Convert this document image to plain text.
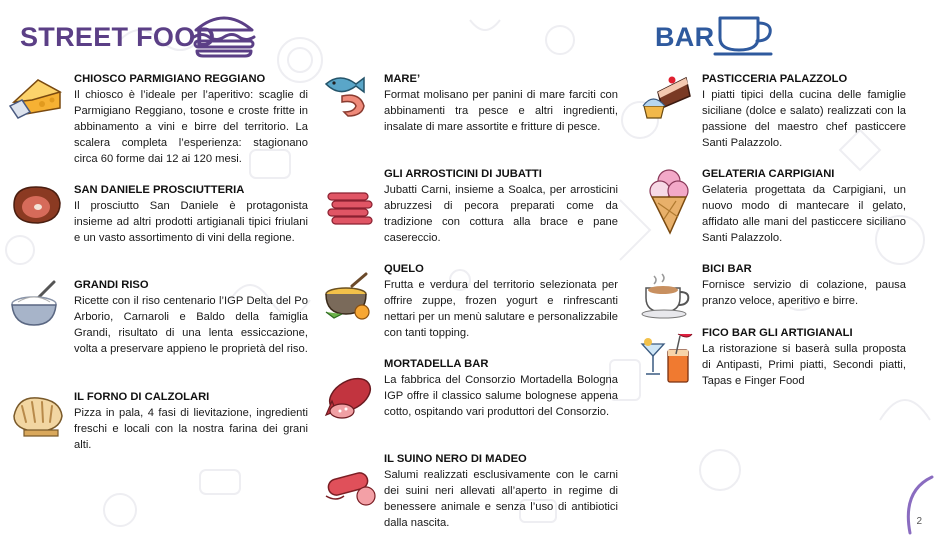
STREET FOOD	BAR
CHIOSCO PARMIGIANO REGGIANO

Il chiosco è l’ideale per l’aperitivo: scaglie di Parmigiano Reggiano, tosone e croste fritte in abbinamento a vini e birre del territorio. La scalera completa l’esperienza: stagionano circa 60 forme dai 12 ai 120 mesi.

SAN DANIELE PROSCIUTTERIA

Il prosciutto San Daniele è protagonista insieme ad altri prodotti artigianali tipici friulani e un vasto assortimento di vini della regione.

GRANDI RISO

Ricette con il riso centenario l’IGP Delta del Po Arborio, Carnaroli e Baldo della famiglia Grandi, risultato di una lenta essiccazione, volta a preservare appieno le proprietà del riso.

IL FORNO DI CALZOLARI

Pizza in pala, 4 fasi di lievitazione, ingredienti freschi e locali con la nostra farina dei grani alti.

MARE’

Format molisano per panini di mare farciti con abbinamenti tra pesce e altri ingredienti, insalate di mare assortite e fritture di pesce.

GLI ARROSTICINI DI JUBATTI

Jubatti Carni, insieme a Soalca, per arrosticini abruzzesi di pecora preparati come da tradizione con cottura alla brace e pane casereccio.

QUELO

Frutta e verdura del territorio selezionata per offrire zuppe, frozen yogurt e rinfrescanti nettari per un menù salutare e personalizzabile con tanti topping.

MORTADELLA BAR

La fabbrica del Consorzio Mortadella Bologna IGP offre il classico salume bolognese appena cotto, ospitando vari produttori del Consorzio.

IL SUINO NERO DI MADEO

Salumi realizzati esclusivamente con le carni dei suini neri allevati all’aperto in regime di benessere animale e senza l’uso di antibiotici dalla nascita.

PASTICCERIA PALAZZOLO

I piatti tipici della cucina delle famiglie siciliane (dolce e salato) realizzati con la passione del maestro chef pasticcere Santi Palazzolo.

GELATERIA CARPIGIANI

Gelateria progettata da Carpigiani, un nuovo modo di mantecare il gelato, affidato alle mani del pasticcere siciliano Santi Palazzolo.

BICI BAR

Fornisce servizio di colazione, pausa pranzo veloce, aperitivo e birre.

FICO BAR GLI ARTIGIANALI

La ristorazione si baserà sulla proposta di Antipasti, Primi piatti, Secondi piatti, Tapas e Finger Food

2
